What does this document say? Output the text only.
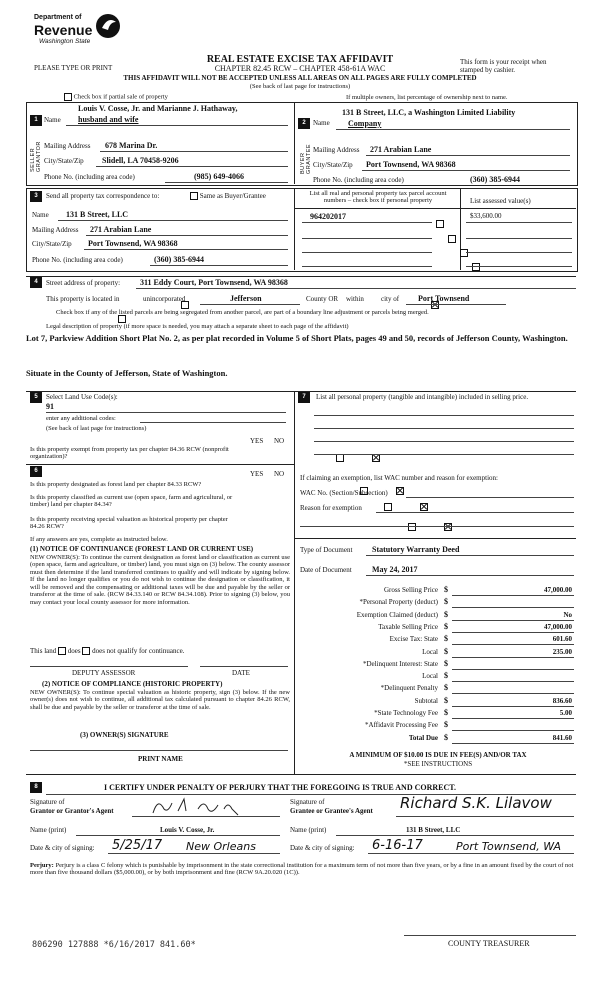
Department of
Revenue
Washington State
REAL ESTATE EXCISE TAX AFFIDAVIT
PLEASE TYPE OR PRINT	CHAPTER 82.45 RCW – CHAPTER 458-61A WAC
This form is your receipt when stamped by cashier.
THIS AFFIDAVIT WILL NOT BE ACCEPTED UNLESS ALL AREAS ON ALL PAGES ARE FULLY COMPLETED
(See back of last page for instructions)
Check box if partial sale of property	If multiple owners, list percentage of ownership next to name.
1
SELLER GRANTOR
Name
Louis V. Cosse, Jr. and Marianne J. Hathaway,
husband and wife
Mailing Address 678 Marina Dr.
City/State/Zip Slidell, LA 70458-9206
Phone No. (including area code)	(985) 649-4066
2
BUYER GRANTEE
Name
131 B Street, LLC, a Washington Limited Liability
Company
Mailing Address 271 Arabian Lane
City/State/Zip Port Townsend, WA 98368
Phone No. (including area code)	(360) 385-6944
3	Send all property tax correspondence to:	Same as Buyer/Grantee
Name 131 B Street, LLC
Mailing Address 271 Arabian Lane
City/State/Zip Port Townsend, WA 98368
Phone No. (including area code)	(360) 385-6944
List all real and personal property tax parcel account numbers – check box if personal property	List assessed value(s)
964202017	$33,600.00

4	Street address of property: 311 Eddy Court, Port Townsend, WA 98368
This property is located in
	unincorporated	Jefferson	County OR within
city of Port Townsend

Check box if any of the listed parcels are being segregated from another parcel, are part of a boundary line adjustment or parcels being merged.
Legal description of property (if more space is needed, you may attach a separate sheet to each page of the affidavit)
Lot 7, Parkview Addition Short Plat No. 2, as per plat recorded in Volume 5 of Short Plats, pages 49 and 50, records of Jefferson County, Washington.
Situate in the County of Jefferson, State of Washington.
5	Select Land Use Code(s):
91
enter any additional codes:
(See back of last page for instructions)
YES NO
Is this property exempt from property tax per chapter 84.36 RCW (nonprofit organization)?

7	List all personal property (tangible and intangible) included in selling price.
6	YES NO
Is this property designated as forest land per chapter 84.33 RCW?

Is this property classified as current use (open space, farm and agricultural, or timber) land per chapter 84.34?

Is this property receiving special valuation as historical property per chapter 84.26 RCW?

If any answers are yes, complete as instructed below.
(1) NOTICE OF CONTINUANCE (FOREST LAND OR CURRENT USE)
NEW OWNER(S): To continue the current designation as forest land or classification as current use (open space, farm and agriculture, or timber) land, you must sign on (3) below. The county assessor must then determine if the land transferred continues to qualify and will indicate by signing below. If the land no longer qualifies or you do not wish to continue the designation or classification, it will be removed and the compensating or additional taxes will be due and payable by the seller or transferor at the time of sale. (RCW 84.33.140 or RCW 84.34.108). Prior to signing (3) below, you may contact your local county assessor for more information.
This land does does not qualify for continuance.
DEPUTY ASSESSOR	DATE
(2) NOTICE OF COMPLIANCE (HISTORIC PROPERTY)
NEW OWNER(S): To continue special valuation as historic property, sign (3) below. If the new owner(s) does not wish to continue, all additional tax calculated pursuant to chapter 84.26 RCW, shall be due and payable by the seller or transferor at the time of sale.
(3) OWNER(S) SIGNATURE
PRINT NAME
If claiming an exemption, list WAC number and reason for exemption:
WAC No. (Section/Subsection)
Reason for exemption
Type of Document Statutory Warranty Deed
Date of Document	May 24, 2017
Gross Selling Price $	47,000.00
*Personal Property (deduct) $
Exemption Claimed (deduct) $	No
Taxable Selling Price $	47,000.00
Excise Tax: State $	601.60
Local $	235.00
*Delinquent Interest: State $
Local $
*Delinquent Penalty $
Subtotal $	836.60
*State Technology Fee $	5.00
*Affidavit Processing Fee $
Total Due $	841.60
A MINIMUM OF $10.00 IS DUE IN FEE(S) AND/OR TAX
*SEE INSTRUCTIONS
8	I CERTIFY UNDER PENALTY OF PERJURY THAT THE FOREGOING IS TRUE AND CORRECT.
Signature of
Grantor or Grantor's Agent
Name (print)	Louis V. Cosse, Jr.
Date & city of signing: 5/25/17 New Orleans
Signature of
Grantee or Grantee's Agent Richard S.K. Lilavow
Name (print)	131 B Street, LLC
Date & city of signing: 6-16-17	Port Townsend, WA
Perjury: Perjury is a class C felony which is punishable by imprisonment in the state correctional institution for a maximum term of not more than five years, or by a fine in an amount fixed by the court of not more than five thousand dollars ($5,000.00), or by both imprisonment and fine (RCW 9A.20.020 (1C)).
806290 127888 *6/16/2017 841.60*	COUNTY TREASURER
